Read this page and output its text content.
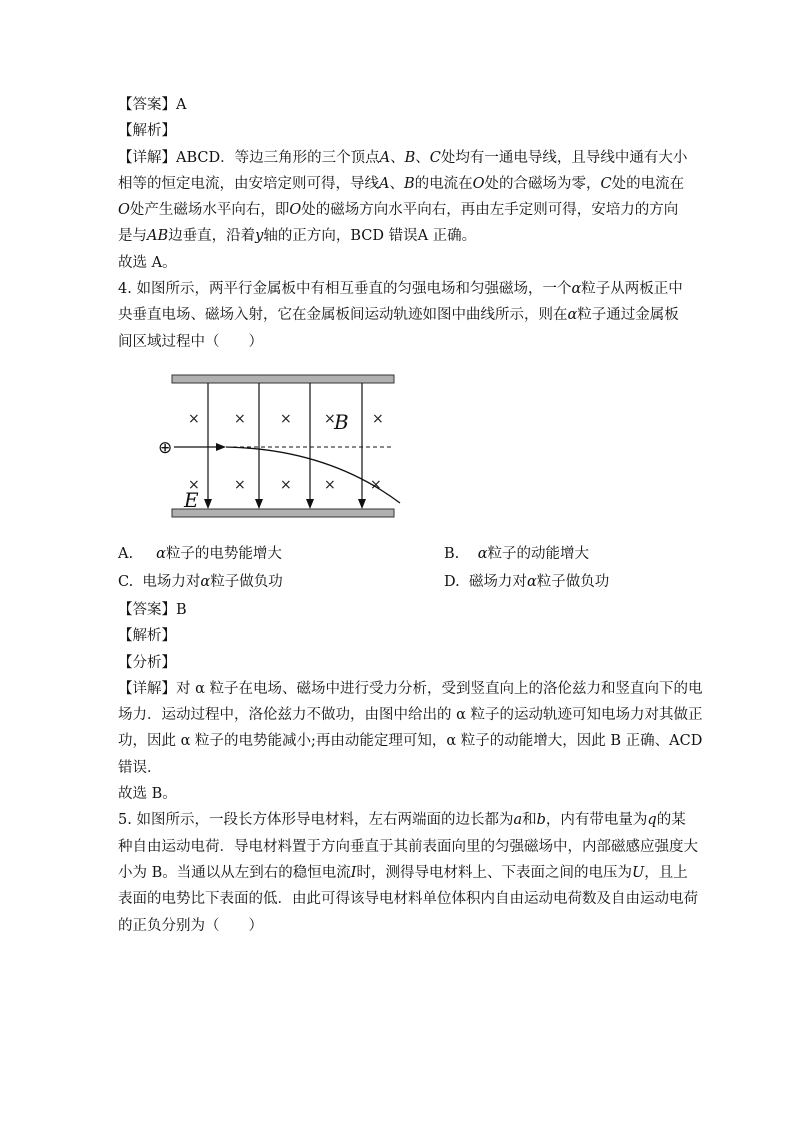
【答案】A
【解析】
【详解】ABCD．等边三角形的三个顶点A、B、C处均有一通电导线，且导线中通有大小
相等的恒定电流，由安培定则可得，导线A、B的电流在O处的合磁场为零，C处的电流在
O处产生磁场水平向右，即O处的磁场方向水平向右，再由左手定则可得，安培力的方向
是与AB边垂直，沿着y轴的正方向，BCD 错误A 正确。
故选 A。
4. 如图所示，两平行金属板中有相互垂直的匀强电场和匀强磁场，一个α粒子从两板正中
央垂直电场、磁场入射，它在金属板间运动轨迹如图中曲线所示，则在α粒子通过金属板
间区域过程中（　　）
× × × ×	×
× × × × ×
B
E
⊕
A. α粒子的电势能增大	B. α粒子的动能增大
C. 电场力对α粒子做负功	D. 磁场力对α粒子做负功
【答案】B
【解析】
【分析】
【详解】对 α 粒子在电场、磁场中进行受力分析，受到竖直向上的洛伦兹力和竖直向下的电
场力．运动过程中，洛伦兹力不做功，由图中给出的 α 粒子的运动轨迹可知电场力对其做正
功，因此 α 粒子的电势能减小;再由动能定理可知，α 粒子的动能增大，因此 B 正确、ACD
错误．
故选 B。
5. 如图所示，一段长方体形导电材料，左右两端面的边长都为a和b，内有带电量为q的某
种自由运动电荷．导电材料置于方向垂直于其前表面向里的匀强磁场中，内部磁感应强度大
小为 B。当通以从左到右的稳恒电流I时，测得导电材料上、下表面之间的电压为U，且上
表面的电势比下表面的低．由此可得该导电材料单位体积内自由运动电荷数及自由运动电荷
的正负分别为（　　）
